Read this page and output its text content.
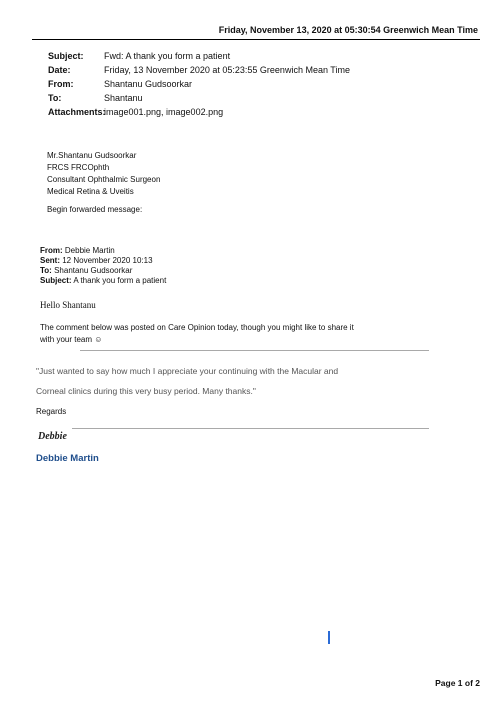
Friday, November 13, 2020 at 05:30:54 Greenwich Mean Time
Subject: Fwd: A thank you form a patient
Date:	Friday, 13 November 2020 at 05:23:55 Greenwich Mean Time
From:	Shantanu Gudsoorkar
To:	Shantanu
Attachments:image001.png, image002.png
Mr.Shantanu Gudsoorkar
FRCS FRCOphth
Consultant Ophthalmic Surgeon
Medical Retina & Uveitis
Begin forwarded message:
From: Debbie Martin
Sent: 12 November 2020 10:13
To: Shantanu Gudsoorkar
Subject: A thank you form a patient
Hello Shantanu
The comment below was posted on Care Opinion today, though you might like to share it
with your team ☺
"Just wanted to say how much I appreciate your continuing with the Macular and
Corneal clinics during this very busy period. Many thanks."
Regards
Debbie
Debbie Martin
Page 1 of 2
